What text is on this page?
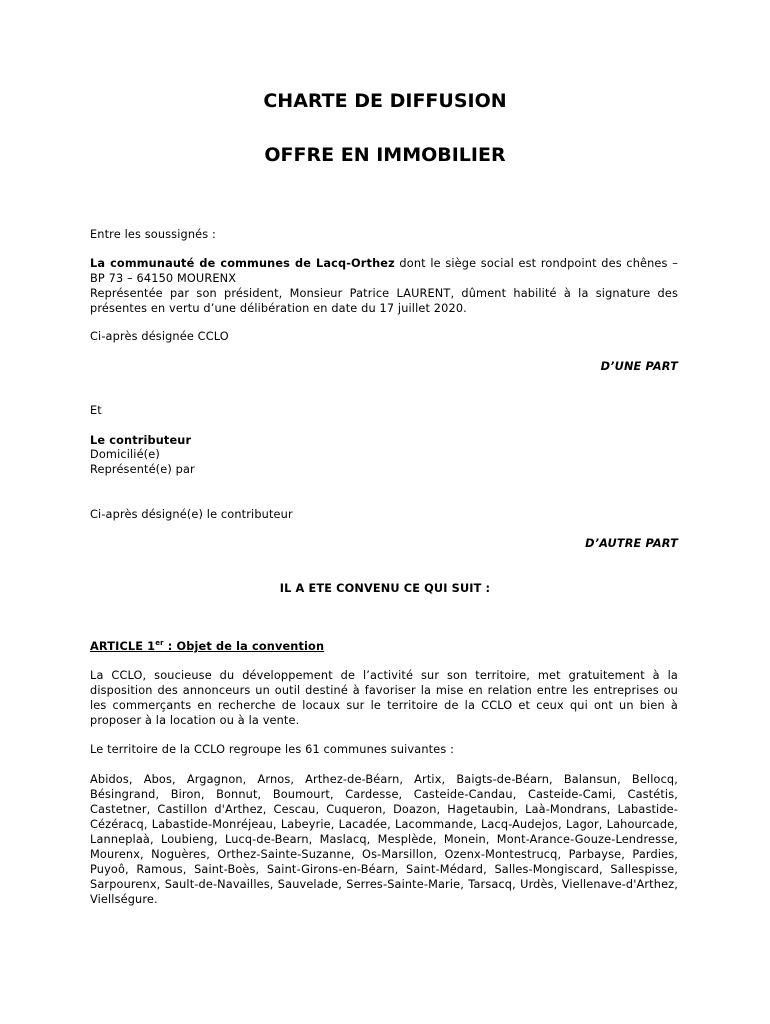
CHARTE DE DIFFUSION
OFFRE EN IMMOBILIER

Entre les soussignés :

La communauté de communes de Lacq-Orthez dont le siège social est rondpoint des chênes – BP 73 – 64150 MOURENX

Représentée par son président, Monsieur Patrice LAURENT, dûment habilité à la signature des présentes en vertu d’une délibération en date du 17 juillet 2020.

Ci-après désignée CCLO

D’UNE PART

Et

Le contributeur

Domicilié(e)

Représenté(e) par

Ci-après désigné(e) le contributeur

D’AUTRE PART

IL A ETE CONVENU CE QUI SUIT :

ARTICLE 1er : Objet de la convention

La CCLO, soucieuse du développement de l’activité sur son territoire, met gratuitement à la disposition des annonceurs un outil destiné à favoriser la mise en relation entre les entreprises ou les commerçants en recherche de locaux sur le territoire de la CCLO et ceux qui ont un bien à proposer à la location ou à la vente.

Le territoire de la CCLO regroupe les 61 communes suivantes :

Abidos, Abos, Argagnon, Arnos, Arthez-de-Béarn, Artix, Baigts-de-Béarn, Balansun, Bellocq, Bésingrand, Biron, Bonnut, Boumourt, Cardesse, Casteide-Candau, Casteide-Cami, Castétis, Castetner, Castillon d'Arthez, Cescau, Cuqueron, Doazon, Hagetaubin, Laà-Mondrans, Labastide-Cézéracq, Labastide-Monréjeau, Labeyrie, Lacadée, Lacommande, Lacq-Audejos, Lagor, Lahourcade, Lanneplaà, Loubieng, Lucq-de-Bearn, Maslacq, Mesplède, Monein, Mont-Arance-Gouze-Lendresse, Mourenx, Noguères, Orthez-Sainte-Suzanne, Os-Marsillon, Ozenx-Montestrucq, Parbayse, Pardies, Puyoô, Ramous, Saint-Boès, Saint-Girons-en-Béarn, Saint-Médard, Salles-Mongiscard, Sallespisse, Sarpourenx, Sault-de-Navailles, Sauvelade, Serres-Sainte-Marie, Tarsacq, Urdès, Viellenave-d'Arthez, Viellségure.
